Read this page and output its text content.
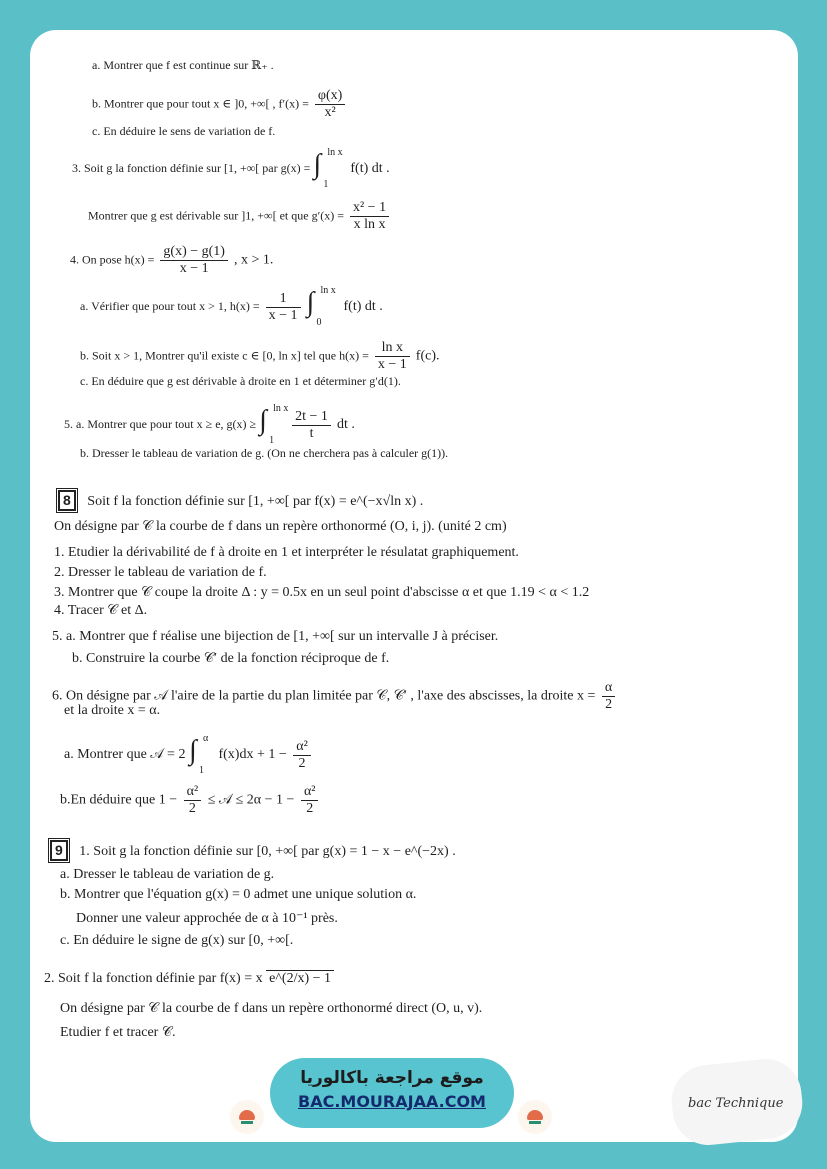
a. Montrer que f est continue sur ℝ₊ .
b. Montrer que pour tout x ∈ ]0, +∞[ , $f'(x) = \frac{\varphi(x)}{\text{x²}}$
c. En déduire le sens de variation de f.
3. Soit g la fonction définie sur [1, +∞[ par g(x) = ∫ ln x
1
f(t) dt .
Montrer que g est dérivable sur ]1, +∞[ et que $g'(x) = \frac{\text{x² − 1}}{\text{x ln x}}$
4. On pose $h(x) = \frac{g(x) - g(1)}{x - 1}$ , x > 1.
a. Vérifier que pour tout x > 1, $h(x) = \frac{1}{x - 1}$
∫ ln x
0
f(t) dt .
b. Soit x > 1, Montrer qu'il existe c ∈ [0, ln x] tel que $h(x) = \frac{\text{ln x}}{x - 1} f(c)$.
c. En déduire que g est dérivable à droite en 1 et déterminer g′d(1).
5. a. Montrer que pour tout x ≥ e, g(x) ≥ ∫ ln x
1
$\frac{2t - 1}{t}$ dt .
b. Dresser le tableau de variation de g. (On ne cherchera pas à calculer g(1)).
8 Soit f la fonction définie sur [1, +∞[ par f(x) = e^(−x√ln x) .
On désigne par 𝒞 la courbe de f dans un repère orthonormé (O, i, j). (unité 2 cm)
1. Etudier la dérivabilité de f à droite en 1 et interpréter le résulatat graphiquement.
2. Dresser le tableau de variation de f.
3. Montrer que 𝒞 coupe la droite Δ : y = 0.5x en un seul point d'abscisse α et que 1.19 < α < 1.2
4. Tracer 𝒞 et Δ.
5. a. Montrer que f réalise une bijection de [1, +∞[ sur un intervalle J à préciser.
b. Construire la courbe 𝒞′ de la fonction réciproque de f.
6. On désigne par 𝒜 l'aire de la partie du plan limitée par 𝒞, 𝒞′ , l'axe des abscisses, la droite $x = \frac{\alpha}{2}$
et la droite x = α.
a. Montrer que 𝒜 = 2 ∫ α
1
$f(x)dx + 1 - \frac{\text{α²}}{2}$
b.En déduire que $1 - \frac{\text{α²}}{2}$ ≤ 𝒜 ≤ $2\alpha - 1 - \frac{\text{α²}}{2}$
9 1. Soit g la fonction définie sur [0, +∞[ par g(x) = 1 − x − e^(−2x) .
a. Dresser le tableau de variation de g.
b. Montrer que l'équation g(x) = 0 admet une unique solution α.
Donner une valeur approchée de α à 10⁻¹ près.
c. En déduire le signe de g(x) sur [0, +∞[.
2. Soit f la fonction définie par f(x) = x e^(2/x) − 1
On désigne par 𝒞 la courbe de f dans un repère orthonormé direct (O, u, v).
Etudier f et tracer 𝒞.
موقع مراجعة باكالوريا
BAC.MOURAJAA.COM	bac Technique
